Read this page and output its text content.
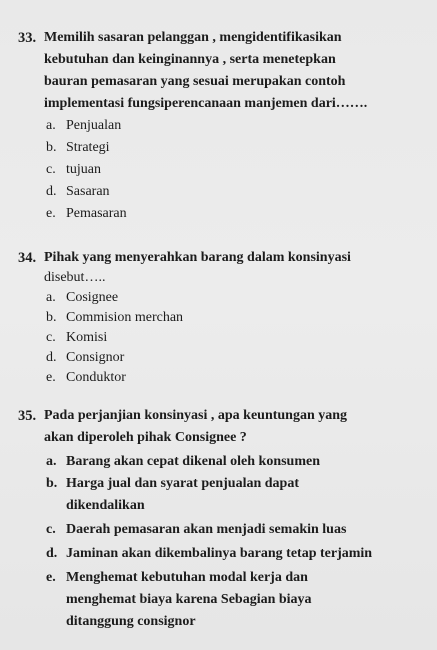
33. Memilih sasaran pelanggan , mengidentifikasikan
kebutuhan dan keinginannya , serta menetepkan
bauran pemasaran yang sesuai merupakan contoh
implementasi fungsiperencanaan manjemen dari…….
a. Penjualan
b. Strategi
c. tujuan
d. Sasaran
e. Pemasaran
34. Pihak yang menyerahkan barang dalam konsinyasi
disebut…..
a. Cosignee
b. Commision merchan
c. Komisi
d. Consignor
e. Conduktor
35. Pada perjanjian konsinyasi , apa keuntungan yang
akan diperoleh pihak Consignee ?
a. Barang akan cepat dikenal oleh konsumen
b. Harga jual dan syarat penjualan dapat
dikendalikan
c. Daerah pemasaran akan menjadi semakin luas
d. Jaminan akan dikembalinya barang tetap terjamin
e. Menghemat kebutuhan modal kerja dan
menghemat biaya karena Sebagian biaya
ditanggung consignor
